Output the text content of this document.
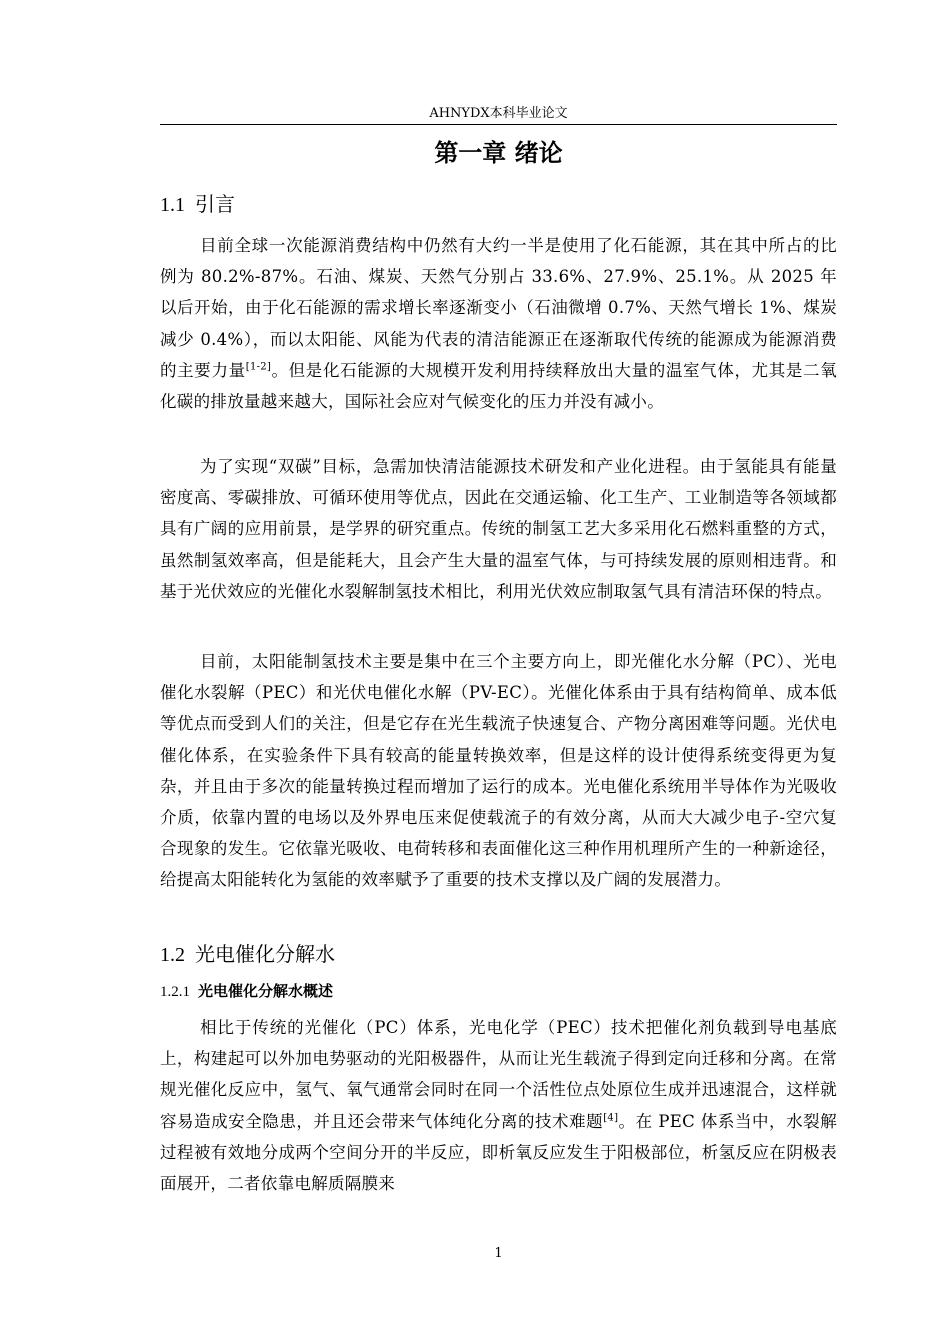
AHNYDX本科毕业论文
第一章 绪论
1.1 引言

目前全球一次能源消费结构中仍然有大约一半是使用了化石能源，其在其中所占的比例为 80.2%-87%。石油、煤炭、天然气分别占 33.6%、27.9%、25.1%。从 2025 年以后开始，由于化石能源的需求增长率逐渐变小（石油微增 0.7%、天然气增长 1%、煤炭减少 0.4%），而以太阳能、风能为代表的清洁能源正在逐渐取代传统的能源成为能源消费的主要力量[1-2]。但是化石能源的大规模开发利用持续释放出大量的温室气体，尤其是二氧化碳的排放量越来越大，国际社会应对气候变化的压力并没有减小。

为了实现“双碳”目标，急需加快清洁能源技术研发和产业化进程。由于氢能具有能量密度高、零碳排放、可循环使用等优点，因此在交通运输、化工生产、工业制造等各领域都具有广阔的应用前景，是学界的研究重点。传统的制氢工艺大多采用化石燃料重整的方式，虽然制氢效率高，但是能耗大，且会产生大量的温室气体，与可持续发展的原则相违背。和基于光伏效应的光催化水裂解制氢技术相比，利用光伏效应制取氢气具有清洁环保的特点。

目前，太阳能制氢技术主要是集中在三个主要方向上，即光催化水分解（PC）、光电催化水裂解（PEC）和光伏电催化水解（PV-EC）。光催化体系由于具有结构简单、成本低等优点而受到人们的关注，但是它存在光生载流子快速复合、产物分离困难等问题。光伏电催化体系，在实验条件下具有较高的能量转换效率，但是这样的设计使得系统变得更为复杂，并且由于多次的能量转换过程而增加了运行的成本。光电催化系统用半导体作为光吸收介质，依靠内置的电场以及外界电压来促使载流子的有效分离，从而大大减少电子-空穴复合现象的发生。它依靠光吸收、电荷转移和表面催化这三种作用机理所产生的一种新途径，给提高太阳能转化为氢能的效率赋予了重要的技术支撑以及广阔的发展潜力。

1.2 光电催化分解水
1.2.1 光电催化分解水概述

相比于传统的光催化（PC）体系，光电化学（PEC）技术把催化剂负载到导电基底上，构建起可以外加电势驱动的光阳极器件，从而让光生载流子得到定向迁移和分离。在常规光催化反应中，氢气、氧气通常会同时在同一个活性位点处原位生成并迅速混合，这样就容易造成安全隐患，并且还会带来气体纯化分离的技术难题[4]。在 PEC 体系当中，水裂解过程被有效地分成两个空间分开的半反应，即析氧反应发生于阳极部位，析氢反应在阴极表面展开，二者依靠电解质隔膜来

1
